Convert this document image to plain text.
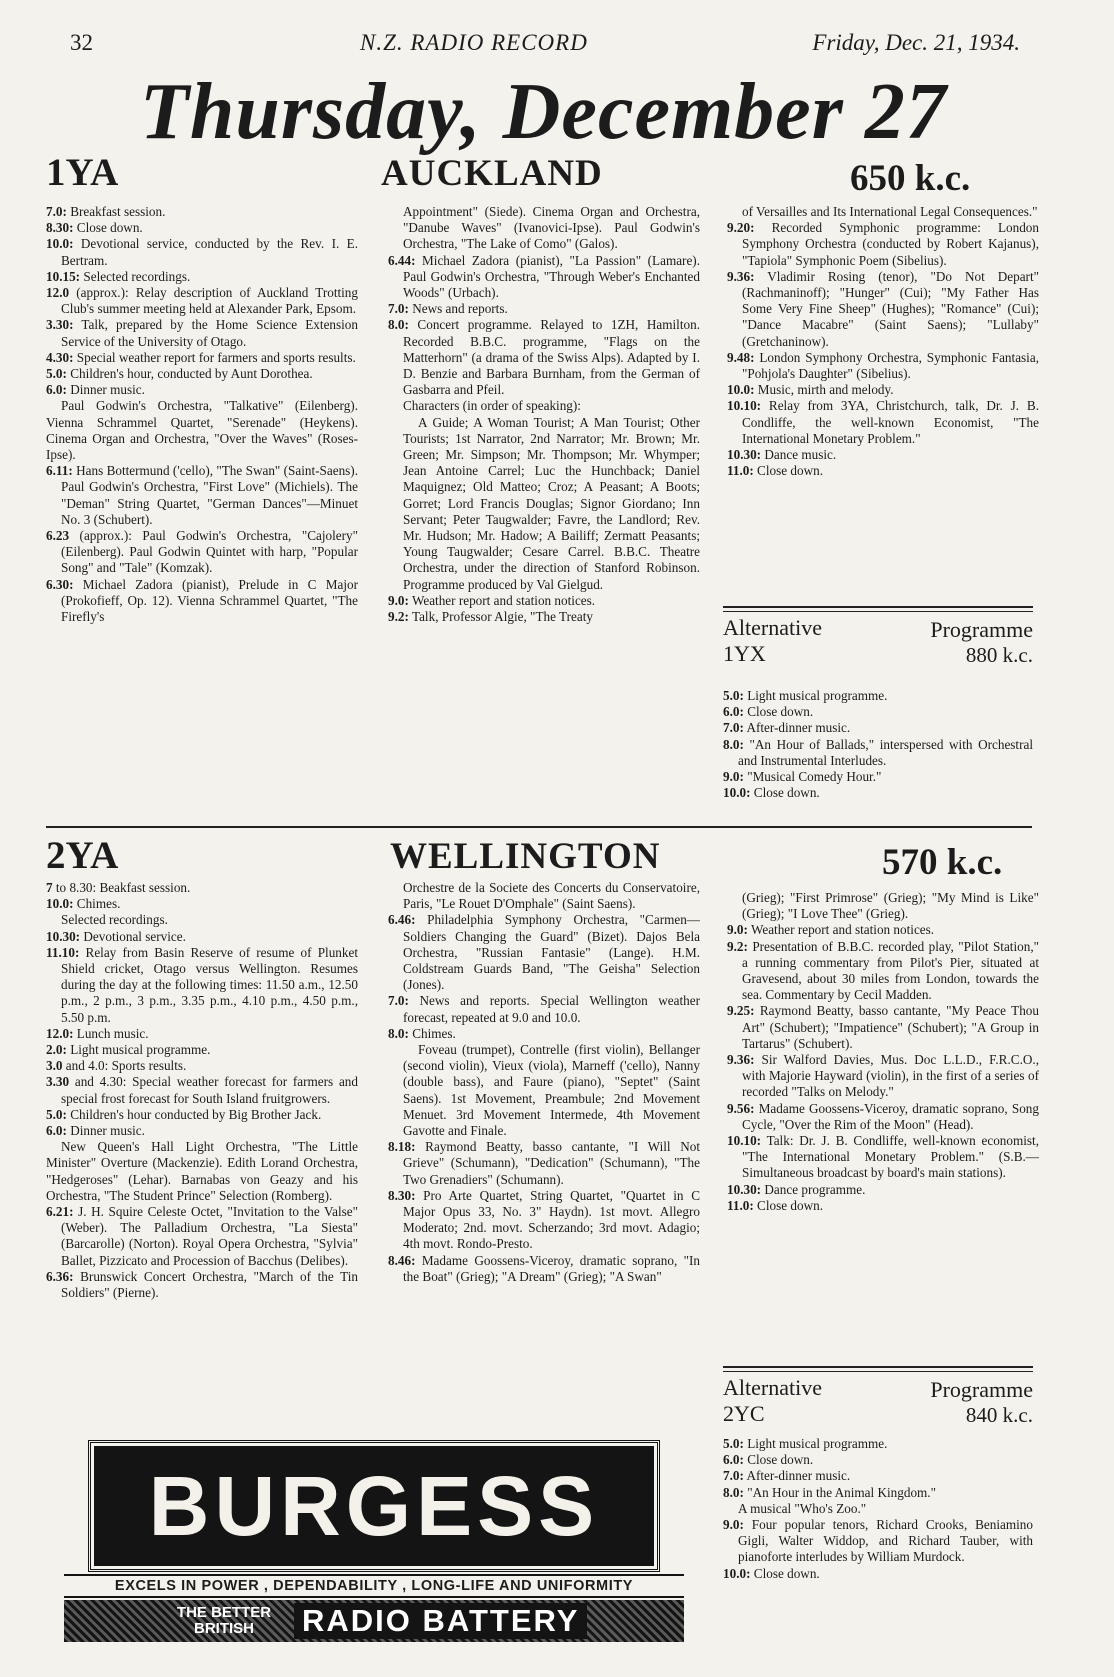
32	N.Z. RADIO RECORD	Friday, Dec. 21, 1934.
Thursday, December 27
1YA	AUCKLAND	650 k.c.

7.0: Breakfast session.

8.30: Close down.

10.0: Devotional service, conducted by the Rev. I. E. Bertram.

10.15: Selected recordings.

12.0 (approx.): Relay description of Auckland Trotting Club's summer meeting held at Alexander Park, Epsom.

3.30: Talk, prepared by the Home Science Extension Service of the University of Otago.

4.30: Special weather report for farmers and sports results.

5.0: Children's hour, conducted by Aunt Dorothea.

6.0: Dinner music.

Paul Godwin's Orchestra, "Talkative" (Eilenberg). Vienna Schrammel Quartet, "Serenade" (Heykens). Cinema Organ and Orchestra, "Over the Waves" (Roses-Ipse).

6.11: Hans Bottermund ('cello), "The Swan" (Saint-Saens). Paul Godwin's Orchestra, "First Love" (Michiels). The "Deman" String Quartet, "German Dances"—Minuet No. 3 (Schubert).

6.23 (approx.): Paul Godwin's Orchestra, "Cajolery" (Eilenberg). Paul Godwin Quintet with harp, "Popular Song" and "Tale" (Komzak).

6.30: Michael Zadora (pianist), Prelude in C Major (Prokofieff, Op. 12). Vienna Schrammel Quartet, "The Firefly's

Appointment" (Siede). Cinema Organ and Orchestra, "Danube Waves" (Ivanovici-Ipse). Paul Godwin's Orchestra, "The Lake of Como" (Galos).

6.44: Michael Zadora (pianist), "La Passion" (Lamare). Paul Godwin's Orchestra, "Through Weber's Enchanted Woods" (Urbach).

7.0: News and reports.

8.0: Concert programme. Relayed to 1ZH, Hamilton. Recorded B.B.C. programme, "Flags on the Matterhorn" (a drama of the Swiss Alps). Adapted by I. D. Benzie and Barbara Burnham, from the German of Gasbarra and Pfeil.

Characters (in order of speaking):

A Guide; A Woman Tourist; A Man Tourist; Other Tourists; 1st Narrator, 2nd Narrator; Mr. Brown; Mr. Green; Mr. Simpson; Mr. Thompson; Mr. Whymper; Jean Antoine Carrel; Luc the Hunchback; Daniel Maquignez; Old Matteo; Croz; A Peasant; A Boots; Gorret; Lord Francis Douglas; Signor Giordano; Inn Servant; Peter Taugwalder; Favre, the Landlord; Rev. Mr. Hudson; Mr. Hadow; A Bailiff; Zermatt Peasants; Young Taugwalder; Cesare Carrel. B.B.C. Theatre Orchestra, under the direction of Stanford Robinson. Programme produced by Val Gielgud.

9.0: Weather report and station notices.

9.2: Talk, Professor Algie, "The Treaty

of Versailles and Its International Legal Consequences."

9.20: Recorded Symphonic programme: London Symphony Orchestra (conducted by Robert Kajanus), "Tapiola" Symphonic Poem (Sibelius).

9.36: Vladimir Rosing (tenor), "Do Not Depart" (Rachmaninoff); "Hunger" (Cui); "My Father Has Some Very Fine Sheep" (Hughes); "Romance" (Cui); "Dance Macabre" (Saint Saens); "Lullaby" (Gretchaninow).

9.48: London Symphony Orchestra, Symphonic Fantasia, "Pohjola's Daughter" (Sibelius).

10.0: Music, mirth and melody.

10.10: Relay from 3YA, Christchurch, talk, Dr. J. B. Condliffe, the well-known Economist, "The International Monetary Problem."

10.30: Dance music.

11.0: Close down.

Alternative	Programme
1YX	880 k.c.

5.0: Light musical programme.

6.0: Close down.

7.0: After-dinner music.

8.0: "An Hour of Ballads," interspersed with Orchestral and Instrumental Interludes.

9.0: "Musical Comedy Hour."

10.0: Close down.

2YA	WELLINGTON	570 k.c.

7 to 8.30: Beakfast session.

10.0: Chimes.

Selected recordings.

10.30: Devotional service.

11.10: Relay from Basin Reserve of resume of Plunket Shield cricket, Otago versus Wellington. Resumes during the day at the following times: 11.50 a.m., 12.50 p.m., 2 p.m., 3 p.m., 3.35 p.m., 4.10 p.m., 4.50 p.m., 5.50 p.m.

12.0: Lunch music.

2.0: Light musical programme.

3.0 and 4.0: Sports results.

3.30 and 4.30: Special weather forecast for farmers and special frost forecast for South Island fruitgrowers.

5.0: Children's hour conducted by Big Brother Jack.

6.0: Dinner music.

New Queen's Hall Light Orchestra, "The Little Minister" Overture (Mackenzie). Edith Lorand Orchestra, "Hedgeroses" (Lehar). Barnabas von Geazy and his Orchestra, "The Student Prince" Selection (Romberg).

6.21: J. H. Squire Celeste Octet, "Invitation to the Valse" (Weber). The Palladium Orchestra, "La Siesta" (Barcarolle) (Norton). Royal Opera Orchestra, "Sylvia" Ballet, Pizzicato and Procession of Bacchus (Delibes).

6.36: Brunswick Concert Orchestra, "March of the Tin Soldiers" (Pierne).

Orchestre de la Societe des Concerts du Conservatoire, Paris, "Le Rouet D'Omphale" (Saint Saens).

6.46: Philadelphia Symphony Orchestra, "Carmen—Soldiers Changing the Guard" (Bizet). Dajos Bela Orchestra, "Russian Fantasie" (Lange). H.M. Coldstream Guards Band, "The Geisha" Selection (Jones).

7.0: News and reports. Special Wellington weather forecast, repeated at 9.0 and 10.0.

8.0: Chimes.

Foveau (trumpet), Contrelle (first violin), Bellanger (second violin), Vieux (viola), Marneff ('cello), Nanny (double bass), and Faure (piano), "Septet" (Saint Saens). 1st Movement, Preambule; 2nd Movement Menuet. 3rd Movement Intermede, 4th Movement Gavotte and Finale.

8.18: Raymond Beatty, basso cantante, "I Will Not Grieve" (Schumann), "Dedication" (Schumann), "The Two Grenadiers" (Schumann).

8.30: Pro Arte Quartet, String Quartet, "Quartet in C Major Opus 33, No. 3" Haydn). 1st movt. Allegro Moderato; 2nd. movt. Scherzando; 3rd movt. Adagio; 4th movt. Rondo-Presto.

8.46: Madame Goossens-Viceroy, dramatic soprano, "In the Boat" (Grieg); "A Dream" (Grieg); "A Swan"

(Grieg); "First Primrose" (Grieg); "My Mind is Like" (Grieg); "I Love Thee" (Grieg).

9.0: Weather report and station notices.

9.2: Presentation of B.B.C. recorded play, "Pilot Station," a running commentary from Pilot's Pier, situated at Gravesend, about 30 miles from London, towards the sea. Commentary by Cecil Madden.

9.25: Raymond Beatty, basso cantante, "My Peace Thou Art" (Schubert); "Impatience" (Schubert); "A Group in Tartarus" (Schubert).

9.36: Sir Walford Davies, Mus. Doc L.L.D., F.R.C.O., with Majorie Hayward (violin), in the first of a series of recorded "Talks on Melody."

9.56: Madame Goossens-Viceroy, dramatic soprano, Song Cycle, "Over the Rim of the Moon" (Head).

10.10: Talk: Dr. J. B. Condliffe, well-known economist, "The International Monetary Problem." (S.B.—Simultaneous broadcast by board's main stations).

10.30: Dance programme.

11.0: Close down.

Alternative	Programme
2YC	840 k.c.

5.0: Light musical programme.

6.0: Close down.

7.0: After-dinner music.

8.0: "An Hour in the Animal Kingdom."

A musical "Who's Zoo."

9.0: Four popular tenors, Richard Crooks, Beniamino Gigli, Walter Widdop, and Richard Tauber, with pianoforte interludes by William Murdock.

10.0: Close down.

BURGESS
EXCELS IN POWER , DEPENDABILITY , LONG-LIFE AND UNIFORMITY
THE BETTER BRITISH	RADIO BATTERY
